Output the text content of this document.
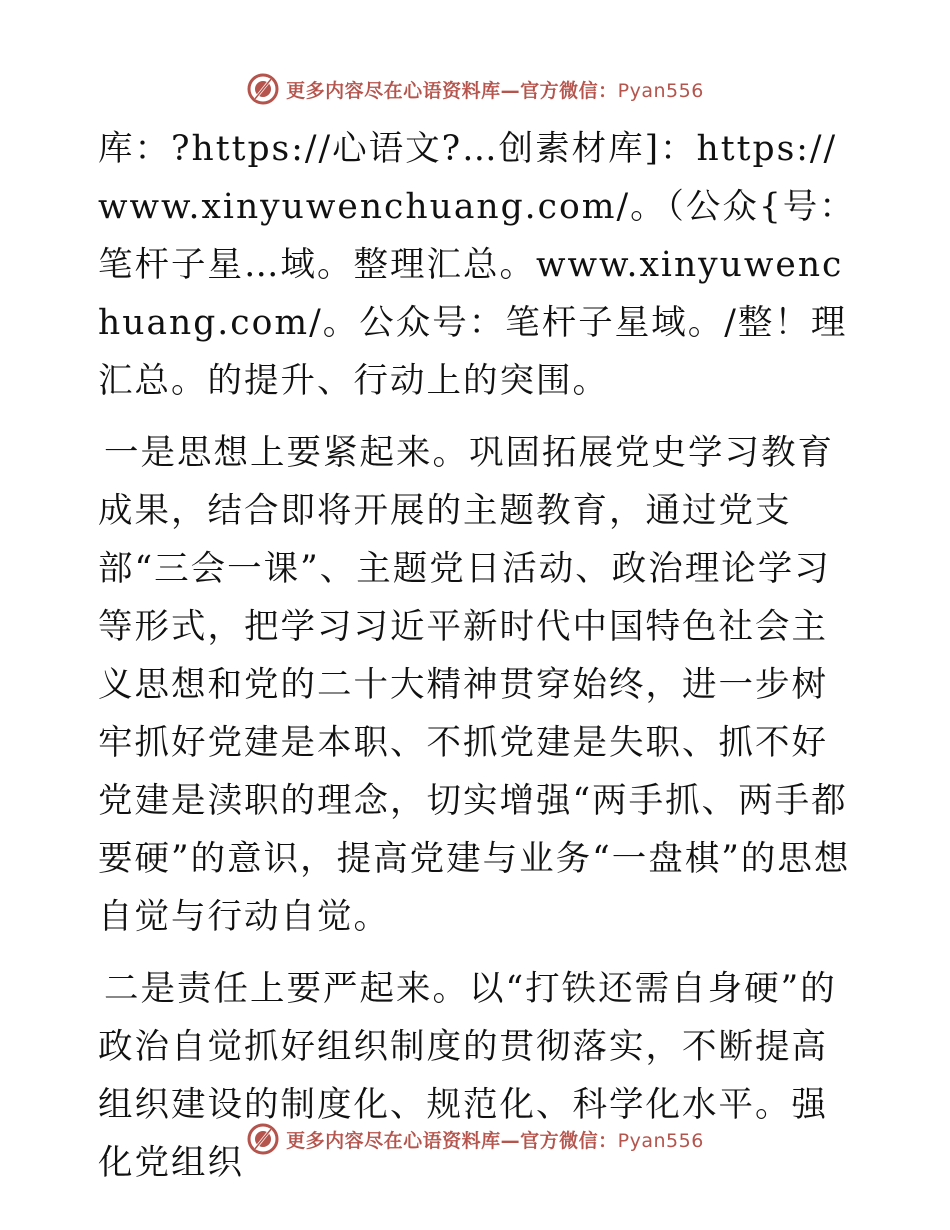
更多内容尽在心语资料库—官方微信：Pyan556

库：?https://心语文?…创素材库]：https://www.xinyuwenchuang.com/。（公众{号：笔杆子星…域。整理汇总。www.xinyuwenchuang.com/。公众号：笔杆子星域。/整！理汇总。的提升、行动上的突围。

一是思想上要紧起来。巩固拓展党史学习教育成果，结合即将开展的主题教育，通过党支部“三会一课”、主题党日活动、政治理论学习等形式，把学习习近平新时代中国特色社会主义思想和党的二十大精神贯穿始终，进一步树牢抓好党建是本职、不抓党建是失职、抓不好党建是渎职的理念，切实增强“两手抓、两手都要硬”的意识，提高党建与业务“一盘棋”的思想自觉与行动自觉。

二是责任上要严起来。以“打铁还需自身硬”的政治自觉抓好组织制度的贯彻落实，不断提高组织建设的制度化、规范化、科学化水平。强化党组织

更多内容尽在心语资料库—官方微信：Pyan556
